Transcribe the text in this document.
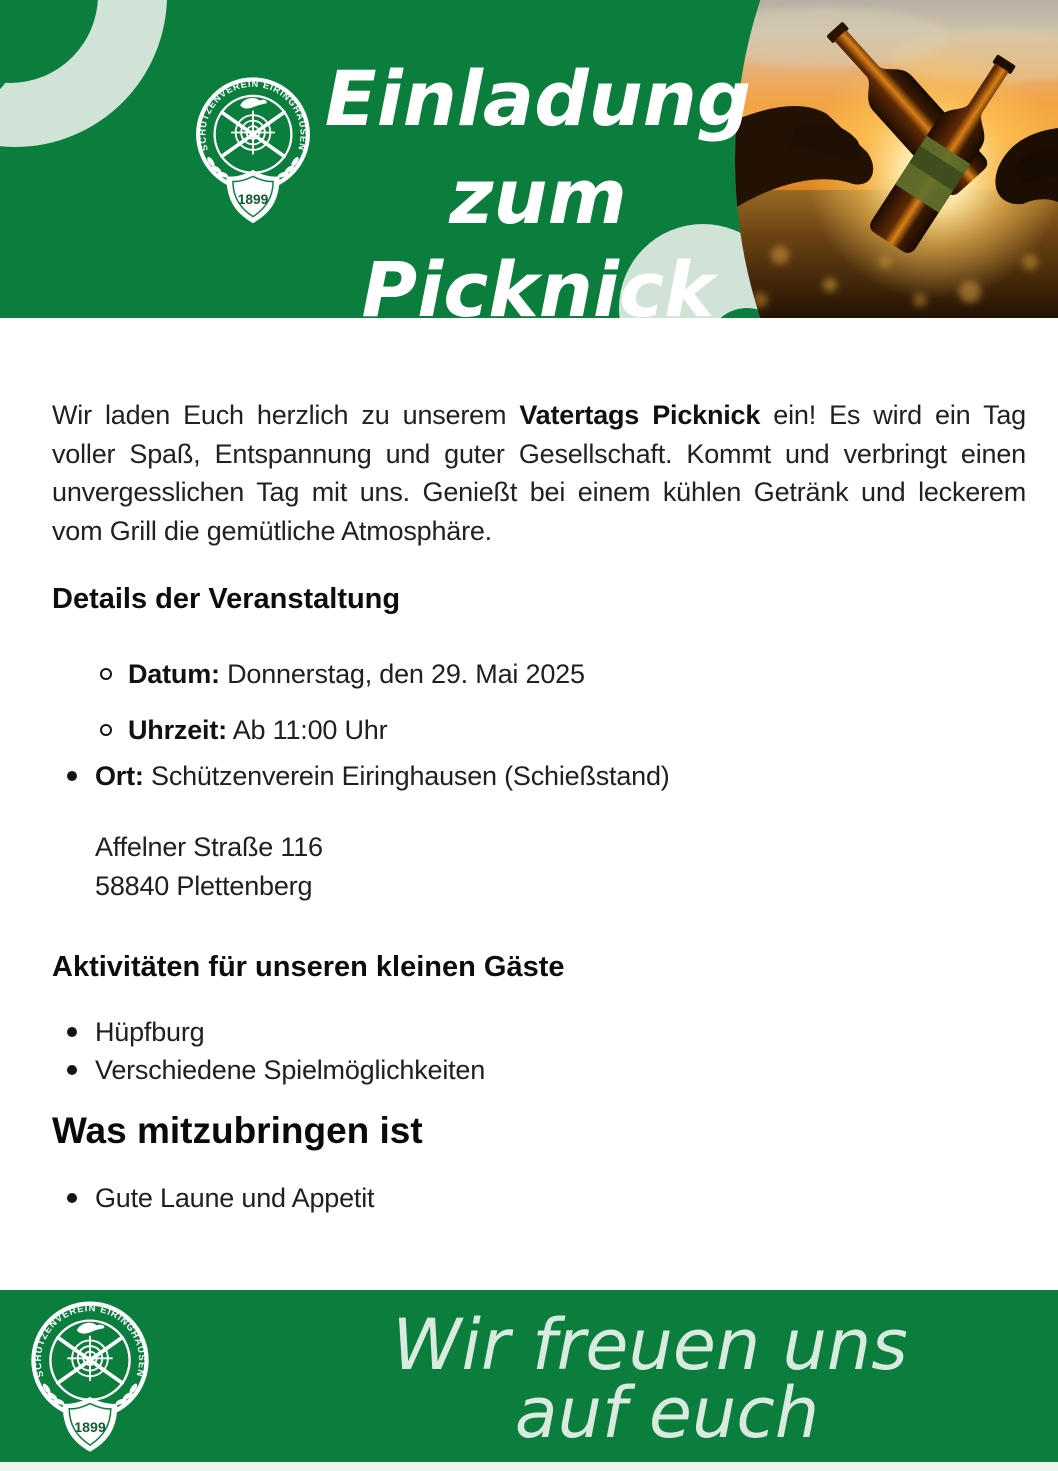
SCHÜTZENVEREIN EIRINGHAUSEN
1899
Einladung zum
Picknick

Wir laden Euch herzlich zu unserem Vatertags Picknick ein! Es wird ein Tag voller Spaß, Entspannung und guter Gesellschaft. Kommt und verbringt einen unvergesslichen Tag mit uns. Genießt bei einem kühlen Getränk und leckerem vom Grill die gemütliche Atmosphäre.

Details der Veranstaltung
Datum: Donnerstag, den 29. Mai 2025
Uhrzeit: Ab 11:00 Uhr
Ort: Schützenverein Eiringhausen (Schießstand)
Affelner Straße 116
58840 Plettenberg
Aktivitäten für unseren kleinen Gäste
Hüpfburg
Verschiedene Spielmöglichkeiten
Was mitzubringen ist
Gute Laune und Appetit
SCHÜTZENVEREIN EIRINGHAUSEN
1899
Wir freuen uns
auf euch
